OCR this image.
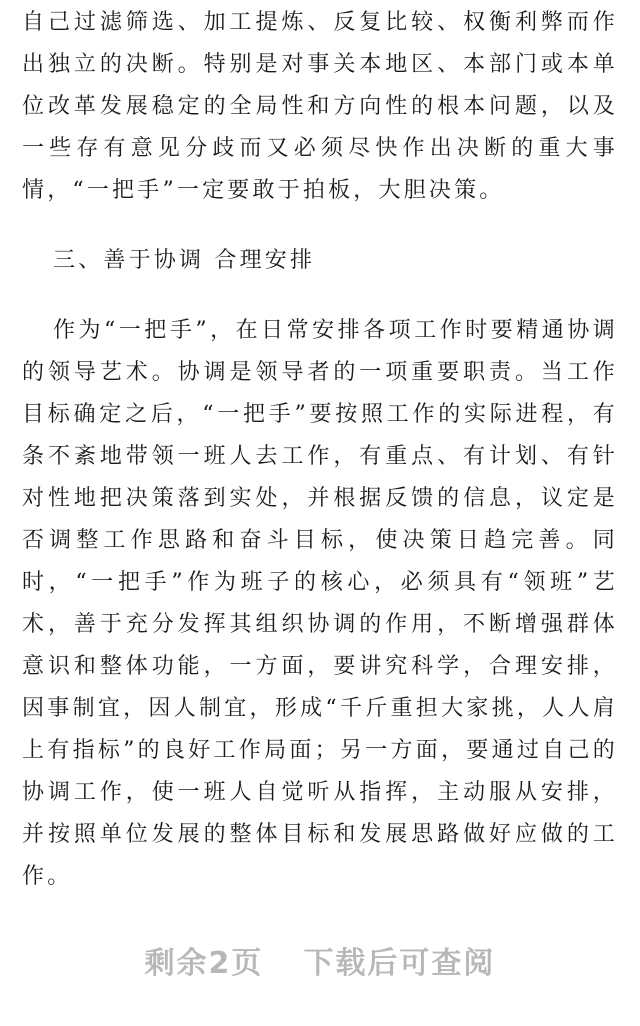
自己过滤筛选、加工提炼、反复比较、权衡利弊而作出独立的决断。特别是对事关本地区、本部门或本单位改革发展稳定的全局性和方向性的根本问题，以及一些存有意见分歧而又必须尽快作出决断的重大事情，“一把手”一定要敢于拍板，大胆决策。

三、善于协调 合理安排

作为“一把手”，在日常安排各项工作时要精通协调的领导艺术。协调是领导者的一项重要职责。当工作目标确定之后，“一把手”要按照工作的实际进程，有条不紊地带领一班人去工作，有重点、有计划、有针对性地把决策落到实处，并根据反馈的信息，议定是否调整工作思路和奋斗目标，使决策日趋完善。同时，“一把手”作为班子的核心，必须具有“领班”艺术，善于充分发挥其组织协调的作用，不断增强群体意识和整体功能，一方面，要讲究科学，合理安排，因事制宜，因人制宜，形成“千斤重担大家挑，人人肩上有指标”的良好工作局面；另一方面，要通过自己的协调工作，使一班人自觉听从指挥，主动服从安排，并按照单位发展的整体目标和发展思路做好应做的工作。

剩余2页 下载后可查阅
